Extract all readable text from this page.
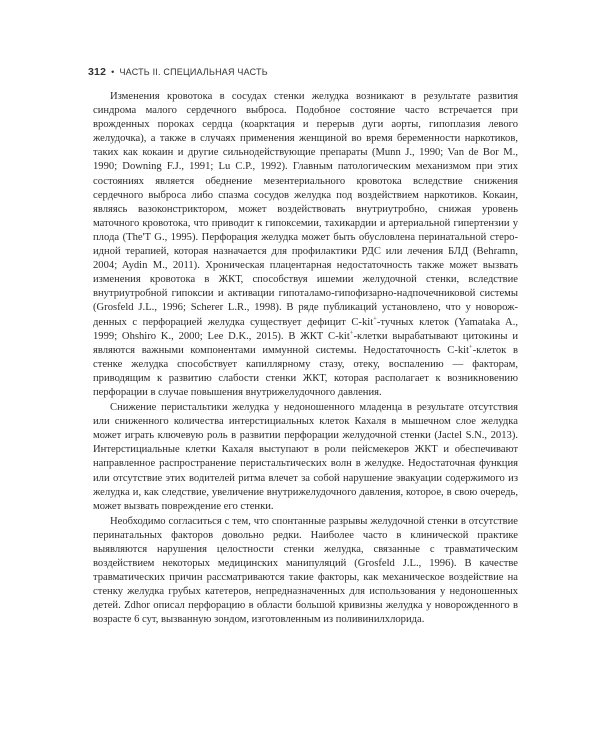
312 • ЧАСТЬ II. СПЕЦИАЛЬНАЯ ЧАСТЬ

Изменения кровотока в сосудах стенки желудка возникают в результате развития синдрома малого сердечного выброса. Подобное состояние часто встречается при врожденных пороках сердца (коарктация и перерыв дуги аорты, гипоплазия левого желудочка), а также в случаях применения женщиной во время беременности наркотиков, таких как кокаин и другие сильнодействующие препараты (Munn J., 1990; Van de Bor M., 1990; Downing F.J., 1991; Lu C.P., 1992). Главным патологическим механизмом при этих состояниях является обеднение мезентериального кровотока вследствие снижения сердечного выброса либо спазма сосудов желудка под воздействием наркотиков. Кокаин, являясь вазоконстриктором, может воздействовать внутриутробно, снижая уровень маточного кровотока, что приводит к гипоксемии, тахикардии и артериальной гипертензии у плода (The'T G., 1995). Перфорация желудка может быть обусловлена перинатальной стероидной терапией, которая назначается для профилактики РДС или лечения БЛД (Behramn, 2004; Aydin M., 2011). Хроническая плацентарная недостаточность также может вызвать изменения кровотока в ЖКТ, способствуя ишемии желудочной стенки, вследствие внутриутробной гипоксии и активации гипоталамо-гипофизарно-надпочечниковой системы (Grosfeld J.L., 1996; Scherer L.R., 1998). В ряде публикаций установлено, что у новорожденных с перфорацией желудка существует дефицит C-kit+-тучных клеток (Yamataka A., 1999; Ohshiro K., 2000; Lee D.K., 2015). В ЖКТ C-kit+-клетки вырабатывают цитокины и являются важными компонентами иммунной системы. Недостаточность C-kit+-клеток в стенке желудка способствует капиллярному стазу, отеку, воспалению — факторам, приводящим к развитию слабости стенки ЖКТ, которая располагает к возникновению перфорации в случае повышения внутрижелудочного давления.

Снижение перистальтики желудка у недоношенного младенца в результате отсутствия или сниженного количества интерстициальных клеток Кахаля в мышечном слое желудка может играть ключевую роль в развитии перфорации желудочной стенки (Jactel S.N., 2013). Интерстициальные клетки Кахаля выступают в роли пейсмекеров ЖКТ и обеспечивают направленное распространение перистальтических волн в желудке. Недостаточная функция или отсутствие этих водителей ритма влечет за собой нарушение эвакуации содержимого из желудка и, как следствие, увеличение внутрижeлудочного давления, которое, в свою очередь, может вызвать повреждение его стенки.

Необходимо согласиться с тем, что спонтанные разрывы желудочной стенки в отсутствие перинатальных факторов довольно редки. Наиболее часто в клинической практике выявляются нарушения целостности стенки желудка, связанные с травматическим воздействием некоторых медицинских манипуляций (Grosfeld J.L., 1996). В качестве травматических причин рассматриваются такие факторы, как механическое воздействие на стенку желудка грубых катетеров, непредназначенных для использования у недоношенных детей. Zdhor описал перфорацию в области большой кривизны желудка у новорожденного в возрасте 6 сут, вызванную зондом, изготовленным из поливинилхлорида.
